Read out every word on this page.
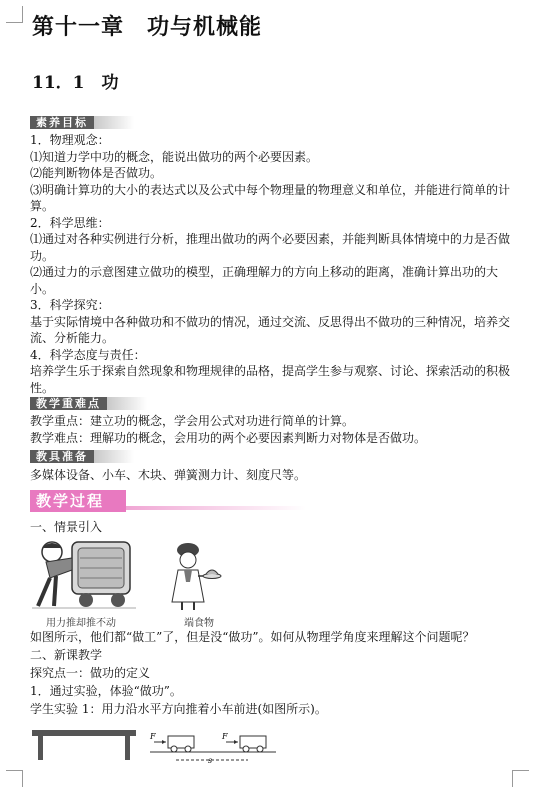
第十一章　功与机械能
11．1　功
素养目标
1．物理观念：
⑴知道力学中功的概念，能说出做功的两个必要因素。
⑵能判断物体是否做功。
⑶明确计算功的大小的表达式以及公式中每个物理量的物理意义和单位，并能进行简单的计
算。
2．科学思维：
⑴通过对各种实例进行分析，推理出做功的两个必要因素，并能判断具体情境中的力是否做
功。
⑵通过力的示意图建立做功的模型，正确理解力的方向上移动的距离，准确计算出功的大小。
3．科学探究：
基于实际情境中各种做功和不做功的情况，通过交流、反思得出不做功的三种情况，培养交
流、分析能力。
4．科学态度与责任：
培养学生乐于探索自然现象和物理规律的品格，提高学生参与观察、讨论、探索活动的积极
性。
教学重难点
教学重点：建立功的概念，学会用公式对功进行简单的计算。
教学难点：理解功的概念，会用功的两个必要因素判断力对物体是否做功。
教具准备
多媒体设备、小车、木块、弹簧测力计、刻度尺等。
教学过程
一、情景引入
用力推却推不动	端食物
如图所示，他们都“做工”了，但是没“做功”。如何从物理学角度来理解这个问题呢？
二、新课教学
探究点一：做功的定义
1．通过实验，体验“做功”。
学生实验 1：用力沿水平方向推着小车前进(如图所示)。
F	F
s
